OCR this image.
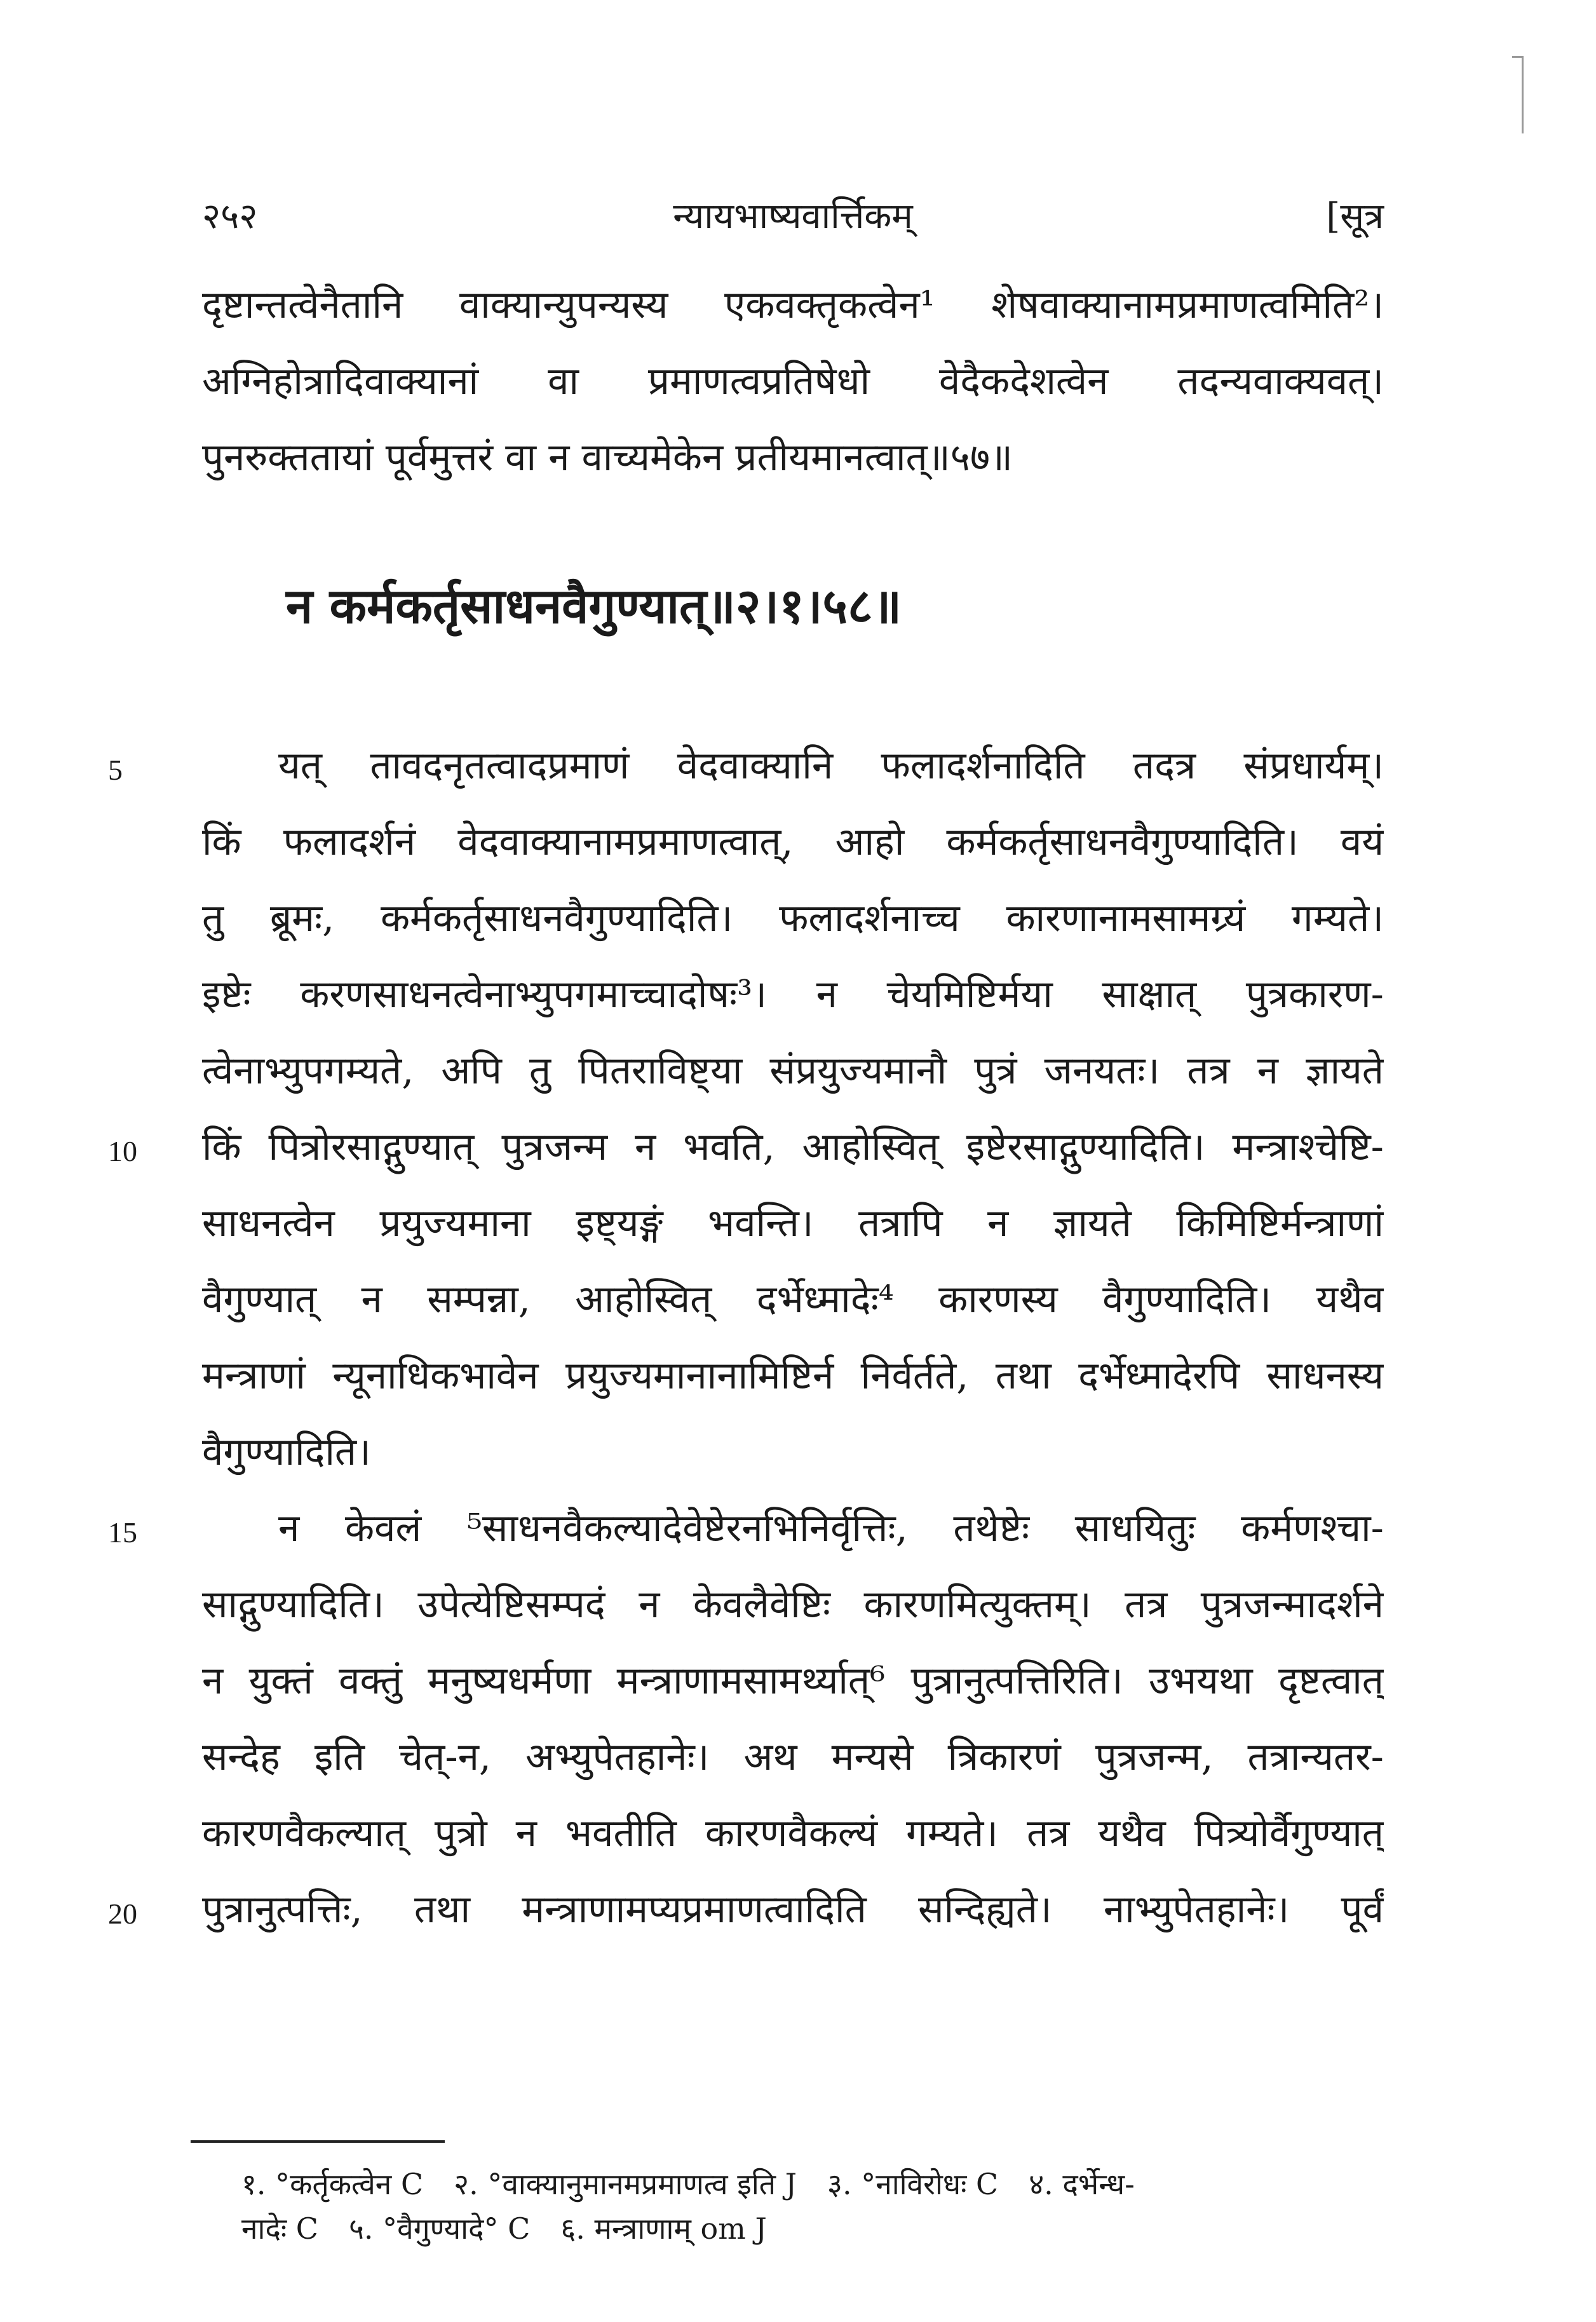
२५२	न्यायभाष्यवार्त्तिकम्	[सूत्र
दृष्टान्तत्वेनैतानि वाक्यान्युपन्यस्य एकवक्तृकत्वेन¹ शेषवाक्यानामप्रमाणत्वमिति²।
अग्निहोत्रादिवाक्यानां वा प्रमाणत्वप्रतिषेधो वेदैकदेशत्वेन तदन्यवाक्यवत्।
पुनरुक्ततायां पूर्वमुत्तरं वा न वाच्यमेकेन प्रतीयमानत्वात्॥५७॥
न कर्मकर्तृसाधनवैगुण्यात्॥२।१।५८॥
यत् तावदनृतत्वादप्रमाणं वेदवाक्यानि फलादर्शनादिति तदत्र संप्रधार्यम्।
किं फलादर्शनं वेदवाक्यानामप्रमाणत्वात्, आहो कर्मकर्तृसाधनवैगुण्यादिति। वयं
तु ब्रूमः, कर्मकर्तृसाधनवैगुण्यादिति। फलादर्शनाच्च कारणानामसामग्र्यं गम्यते।
इष्टेः करणसाधनत्वेनाभ्युपगमाच्चादोषः³। न चेयमिष्टिर्मया साक्षात् पुत्रकारण-
त्वेनाभ्युपगम्यते, अपि तु पितराविष्ट्या संप्रयुज्यमानौ पुत्रं जनयतः। तत्र न ज्ञायते
किं पित्रोरसाद्गुण्यात् पुत्रजन्म न भवति, आहोस्वित् इष्टेरसाद्गुण्यादिति। मन्त्राश्चेष्टि-
साधनत्वेन प्रयुज्यमाना इष्ट्यङ्गं भवन्ति। तत्रापि न ज्ञायते किमिष्टिर्मन्त्राणां
वैगुण्यात् न सम्पन्ना, आहोस्वित् दर्भेध्मादेः⁴ कारणस्य वैगुण्यादिति। यथैव
मन्त्राणां न्यूनाधिकभावेन प्रयुज्यमानानामिष्टिर्न निर्वर्तते, तथा दर्भेध्मादेरपि साधनस्य
वैगुण्यादिति।
न केवलं ⁵साधनवैकल्यादेवेष्टेरनभिनिर्वृत्तिः, तथेष्टेः साधयितुः कर्मणश्चा-
साद्गुण्यादिति। उपेत्येष्टिसम्पदं न केवलैवेष्टिः कारणमित्युक्तम्। तत्र पुत्रजन्मादर्शने
न युक्तं वक्तुं मनुष्यधर्मणा मन्त्राणामसामर्थ्यात्⁶ पुत्रानुत्पत्तिरिति। उभयथा दृष्टत्वात्
सन्देह इति चेत्-न, अभ्युपेतहानेः। अथ मन्यसे त्रिकारणं पुत्रजन्म, तत्रान्यतर-
कारणवैकल्यात् पुत्रो न भवतीति कारणवैकल्यं गम्यते। तत्र यथैव पित्र्योर्वैगुण्यात्
पुत्रानुत्पत्तिः, तथा मन्त्राणामप्यप्रमाणत्वादिति सन्दिह्यते। नाभ्युपेतहानेः। पूर्वं
5
10
15
20
१. °कर्तृकत्वेन C २. °वाक्यानुमानमप्रमाणत्व इति J ३. °नाविरोधः C ४. दर्भेन्ध-
नादेः C ५. °वैगुण्यादे° C ६. मन्त्राणाम् om J
